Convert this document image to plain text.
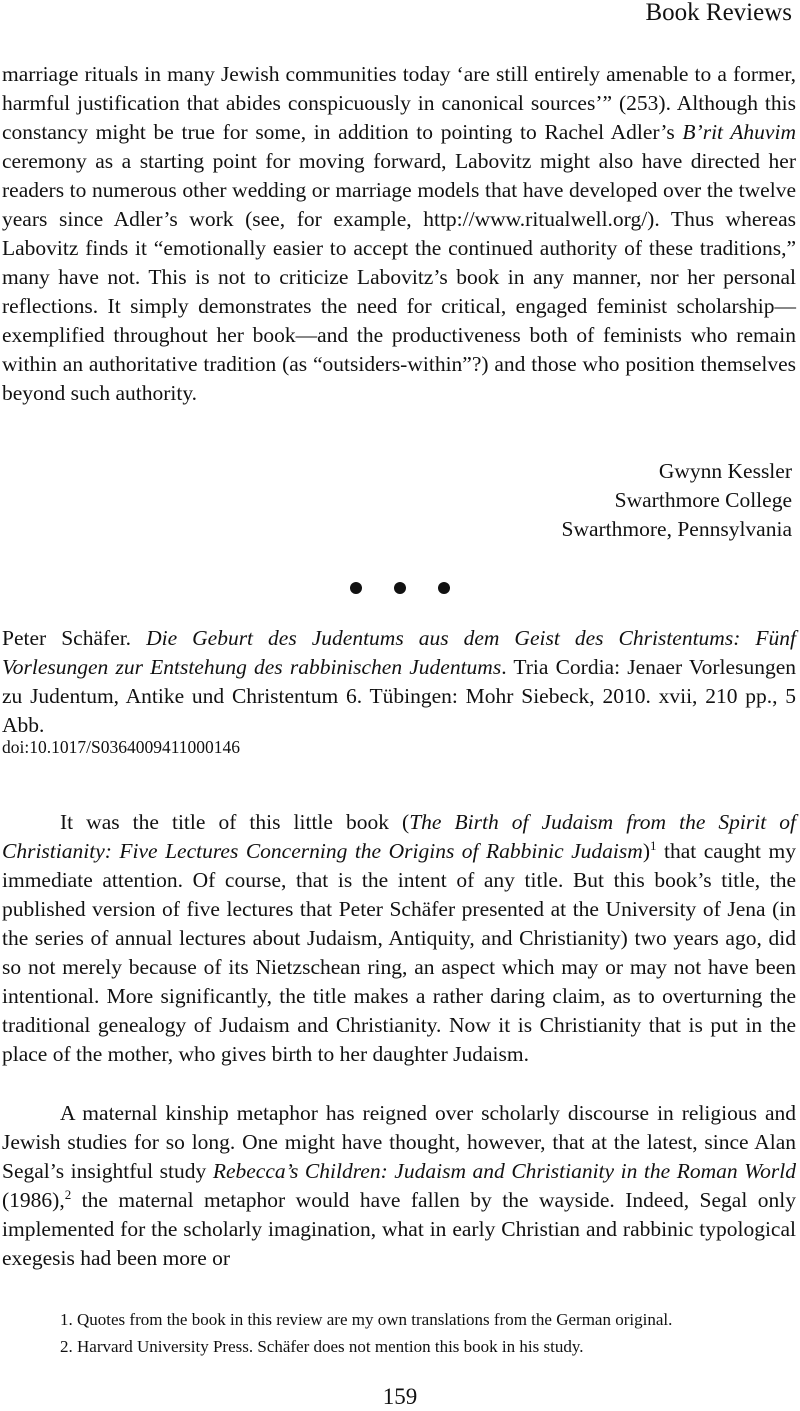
Book Reviews

marriage rituals in many Jewish communities today ‘are still entirely amenable to a former, harmful justification that abides conspicuously in canonical sources’” (253). Although this constancy might be true for some, in addition to pointing to Rachel Adler’s B’rit Ahuvim ceremony as a starting point for moving forward, Labovitz might also have directed her readers to numerous other wedding or marriage models that have developed over the twelve years since Adler’s work (see, for example, http://www.ritualwell.org/). Thus whereas Labovitz finds it “emotionally easier to accept the continued authority of these traditions,” many have not. This is not to criticize Labovitz’s book in any manner, nor her personal reflections. It simply demonstrates the need for critical, engaged feminist scholarship—exemplified throughout her book—and the productiveness both of feminists who remain within an authoritative tradition (as “outsiders-within”?) and those who position themselves beyond such authority.

Gwynn Kessler
Swarthmore College
Swarthmore, Pennsylvania

Peter Schäfer. Die Geburt des Judentums aus dem Geist des Christentums: Fünf Vorlesungen zur Entstehung des rabbinischen Judentums. Tria Cordia: Jenaer Vorlesungen zu Judentum, Antike und Christentum 6. Tübingen: Mohr Siebeck, 2010. xvii, 210 pp., 5 Abb.

doi:10.1017/S0364009411000146

It was the title of this little book (The Birth of Judaism from the Spirit of Christianity: Five Lectures Concerning the Origins of Rabbinic Judaism)$^1$ that caught my immediate attention. Of course, that is the intent of any title. But this book’s title, the published version of five lectures that Peter Schäfer presented at the University of Jena (in the series of annual lectures about Judaism, Antiquity, and Christianity) two years ago, did so not merely because of its Nietzschean ring, an aspect which may or may not have been intentional. More significantly, the title makes a rather daring claim, as to overturning the traditional genealogy of Judaism and Christianity. Now it is Christianity that is put in the place of the mother, who gives birth to her daughter Judaism.

A maternal kinship metaphor has reigned over scholarly discourse in religious and Jewish studies for so long. One might have thought, however, that at the latest, since Alan Segal’s insightful study Rebecca’s Children: Judaism and Christianity in the Roman World (1986),$^2$ the maternal metaphor would have fallen by the wayside. Indeed, Segal only implemented for the scholarly imagination, what in early Christian and rabbinic typological exegesis had been more or

1. Quotes from the book in this review are my own translations from the German original.

2. Harvard University Press. Schäfer does not mention this book in his study.

159
